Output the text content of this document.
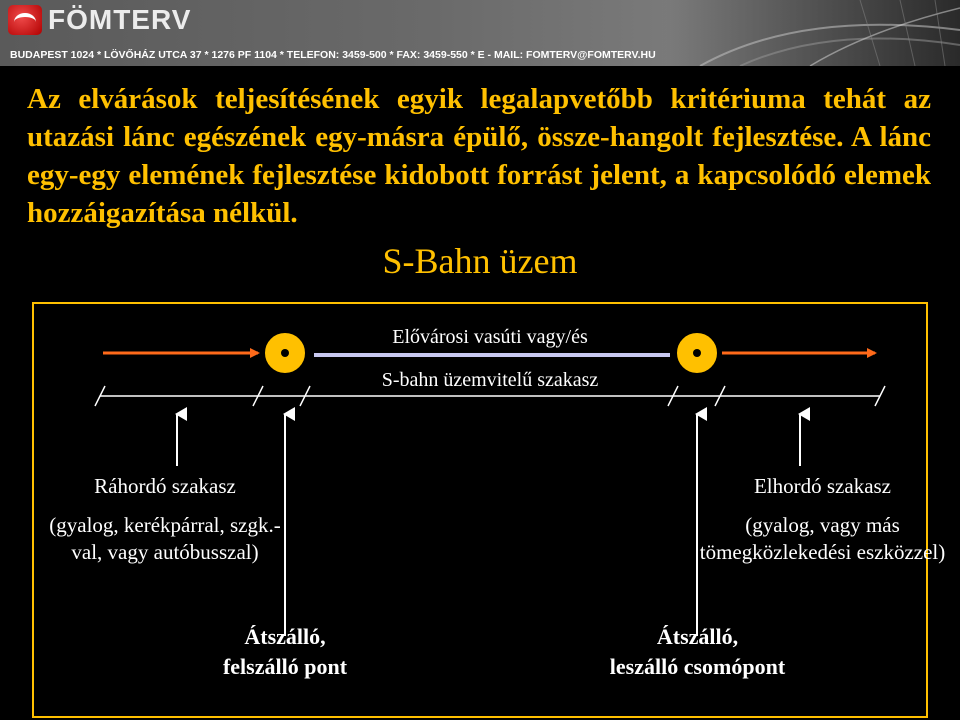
FÖMTERV
BUDAPEST 1024 * LÖVŐHÁZ UTCA 37 * 1276 PF 1104 * TELEFON: 3459-500 * FAX: 3459-550 * E - MAIL: FOMTERV@FOMTERV.HU

Az elvárások teljesítésének egyik legalapvetőbb kritériuma tehát az utazási lánc egészének egy-másra épülő, össze-hangolt fejlesztése. A lánc egy-egy elemének fejlesztése kidobott forrást jelent, a kapcsolódó elemek hozzáigazítása nélkül.

S-Bahn üzem
Elővárosi vasúti vagy/és
S-bahn üzemvitelű szakasz
Ráhordó szakasz
(gyalog, kerékpárral, szgk.-val, vagy autóbusszal)
Elhordó szakasz
(gyalog, vagy más tömegközlekedési eszközzel)
Átszálló,
felszálló pont
Átszálló,
leszálló csomópont
